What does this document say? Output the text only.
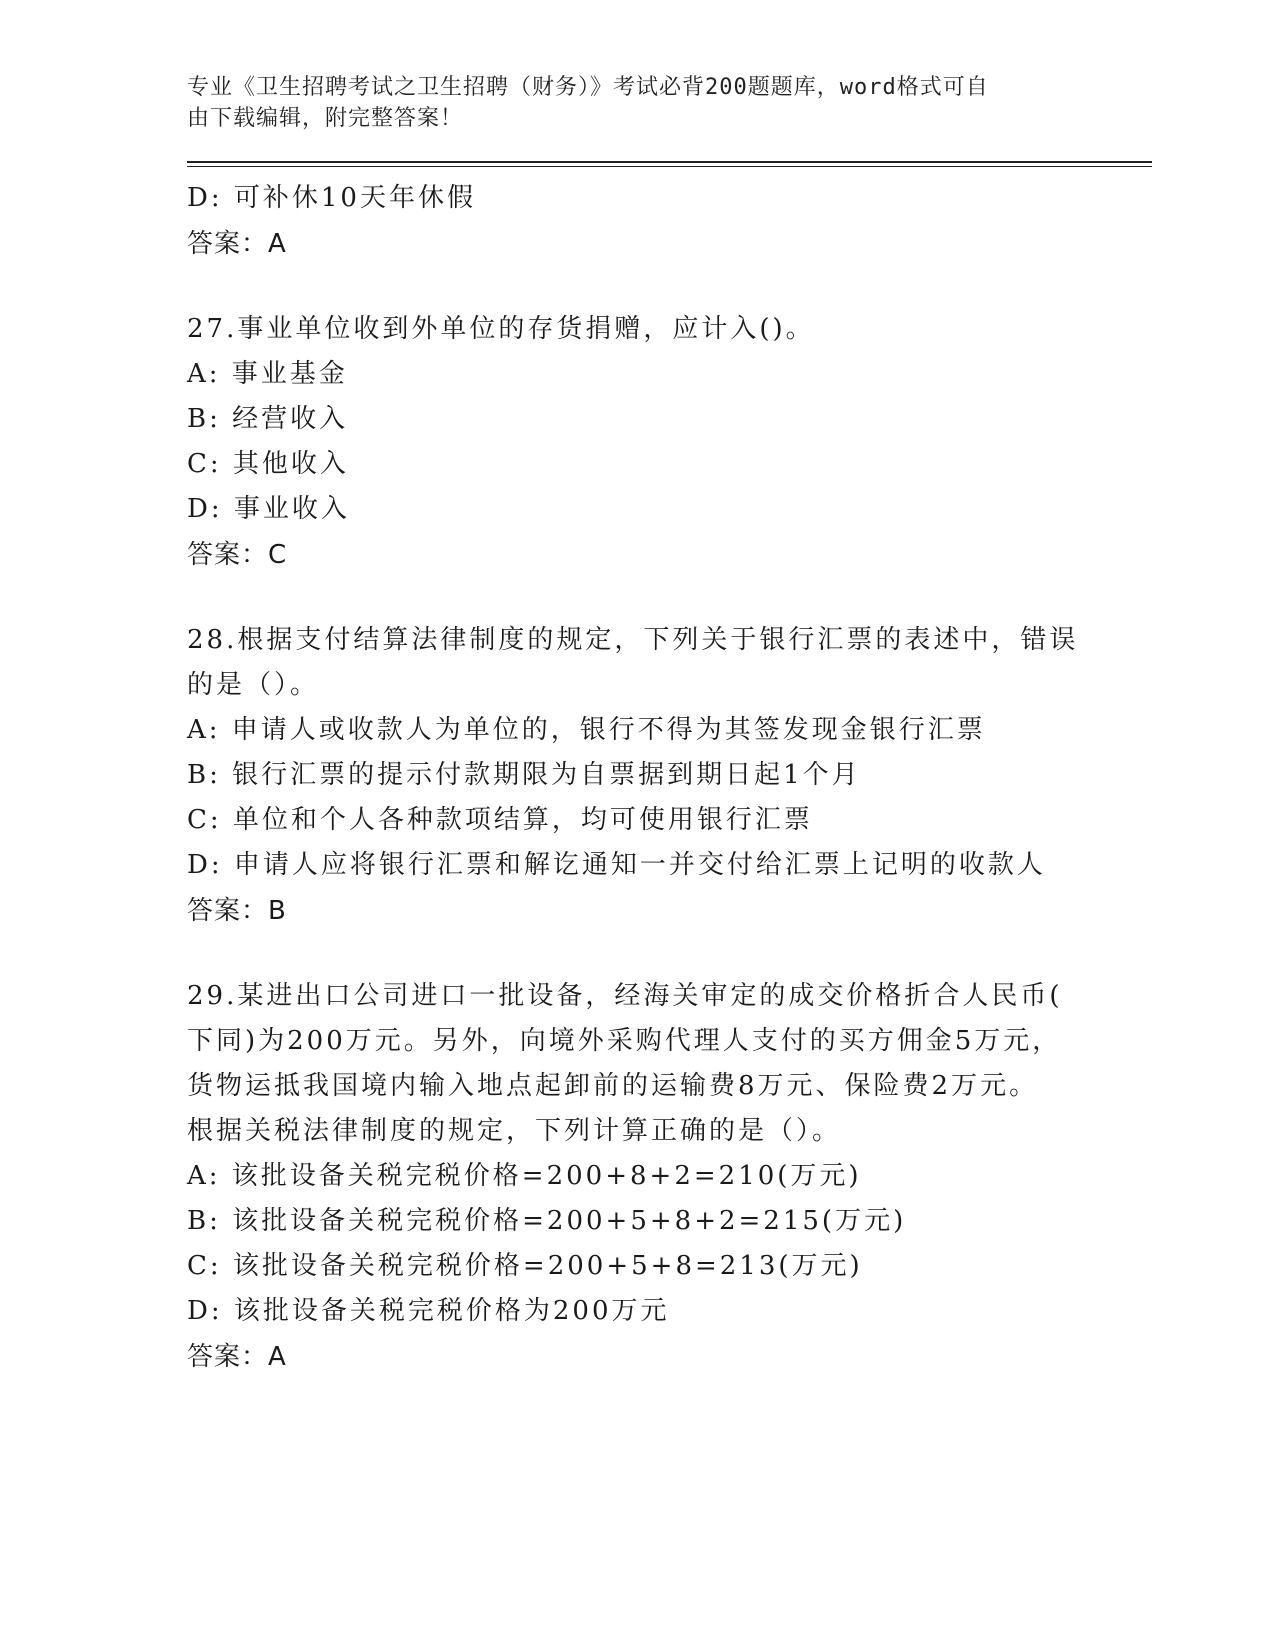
专业《卫生招聘考试之卫生招聘（财务）》考试必背200题题库，word格式可自
由下载编辑，附完整答案！
D: 可补休10天年休假
答案：A
27.事业单位收到外单位的存货捐赠，应计入()。
A: 事业基金
B: 经营收入
C: 其他收入
D: 事业收入
答案：C
28.根据支付结算法律制度的规定，下列关于银行汇票的表述中，错误
的是（）。
A: 申请人或收款人为单位的，银行不得为其签发现金银行汇票
B: 银行汇票的提示付款期限为自票据到期日起1个月
C: 单位和个人各种款项结算，均可使用银行汇票
D: 申请人应将银行汇票和解讫通知一并交付给汇票上记明的收款人
答案：B
29.某进出口公司进口一批设备，经海关审定的成交价格折合人民币(
下同)为200万元。另外，向境外采购代理人支付的买方佣金5万元，
货物运抵我国境内输入地点起卸前的运输费8万元、保险费2万元。
根据关税法律制度的规定，下列计算正确的是（）。
A: 该批设备关税完税价格=200+8+2=210(万元)
B: 该批设备关税完税价格=200+5+8+2=215(万元)
C: 该批设备关税完税价格=200+5+8=213(万元)
D: 该批设备关税完税价格为200万元
答案：A
